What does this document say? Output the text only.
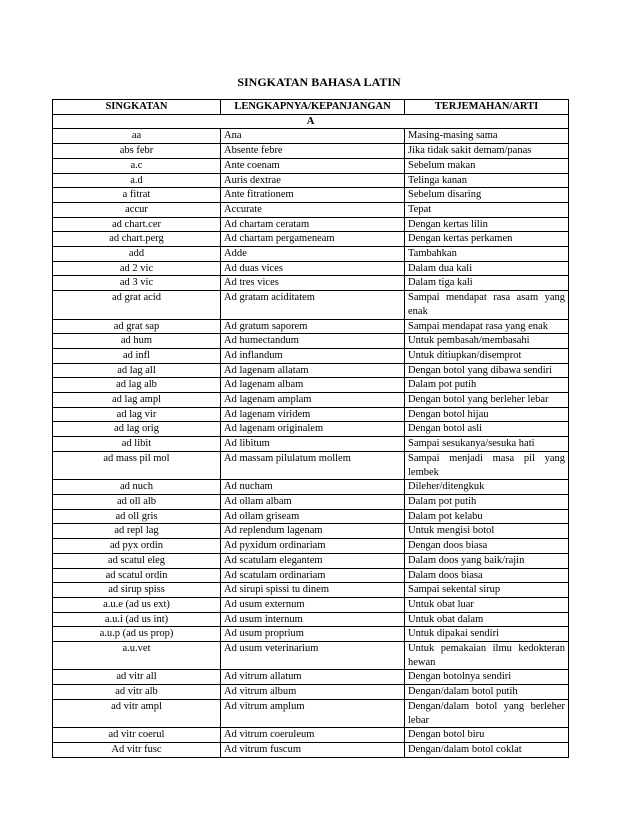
SINGKATAN BAHASA LATIN
SINGKATAN	LENGKAPNYA/KEPANJANGAN	TERJEMAHAN/ARTI
A		
aa	Ana	Masing-masing sama
abs febr	Absente febre	Jika tidak sakit demam/panas
a.c	Ante coenam	Sebelum makan
a.d	Auris dextrae	Telinga kanan
a fitrat	Ante fitrationem	Sebelum disaring
accur	Accurate	Tepat
ad chart.cer	Ad chartam ceratam	Dengan kertas lilin
ad chart.perg	Ad chartam pergameneam	Dengan kertas perkamen
add	Adde	Tambahkan
ad 2 vic	Ad duas vices	Dalam dua kali
ad 3 vic	Ad tres vices	Dalam tiga kali
ad grat acid	Ad gratam aciditatem	Sampai mendapat rasa asam yang enak
ad grat sap	Ad gratum saporem	Sampai mendapat rasa yang enak
ad hum	Ad humectandum	Untuk pembasah/membasahi
ad infl	Ad inflandum	Untuk ditiupkan/disemprot
ad lag all	Ad lagenam allatam	Dengan botol yang dibawa sendiri
ad lag alb	Ad lagenam albam	Dalam pot putih
ad lag ampl	Ad lagenam amplam	Dengan botol yang berleher lebar
ad lag vir	Ad lagenam viridem	Dengan botol hijau
ad lag orig	Ad lagenam originalem	Dengan botol asli
ad libit	Ad libitum	Sampai sesukanya/sesuka hati
ad mass pil mol	Ad massam pilulatum mollem	Sampai menjadi masa pil yang lembek
ad nuch	Ad nucham	Dileher/ditengkuk
ad oll alb	Ad ollam albam	Dalam pot putih
ad oll gris	Ad ollam griseam	Dalam pot kelabu
ad repl lag	Ad replendum lagenam	Untuk mengisi botol
ad pyx ordin	Ad pyxidum ordinariam	Dengan doos biasa
ad scatul eleg	Ad scatulam elegantem	Dalam doos yang baik/rajin
ad scatul ordin	Ad scatulam ordinariam	Dalam doos biasa
ad sirup spiss	Ad sirupi spissi tu dinem	Sampai sekental sirup
a.u.e (ad us ext)	Ad usum externum	Untuk obat luar
a.u.i (ad us int)	Ad usum internum	Untuk obat dalam
a.u.p (ad us prop)	Ad usum proprium	Untuk dipakai sendiri
a.u.vet	Ad usum veterinarium	Untuk pemakaian ilmu kedokteran hewan
ad vitr all	Ad vitrum allatum	Dengan botolnya sendiri
ad vitr alb	Ad vitrum album	Dengan/dalam botol putih
ad vitr ampl	Ad vitrum amplum	Dengan/dalam botol yang berleher lebar
ad vitr coerul	Ad vitrum coeruleum	Dengan botol biru
Ad vitr fusc	Ad vitrum fuscum	Dengan/dalam botol coklat
